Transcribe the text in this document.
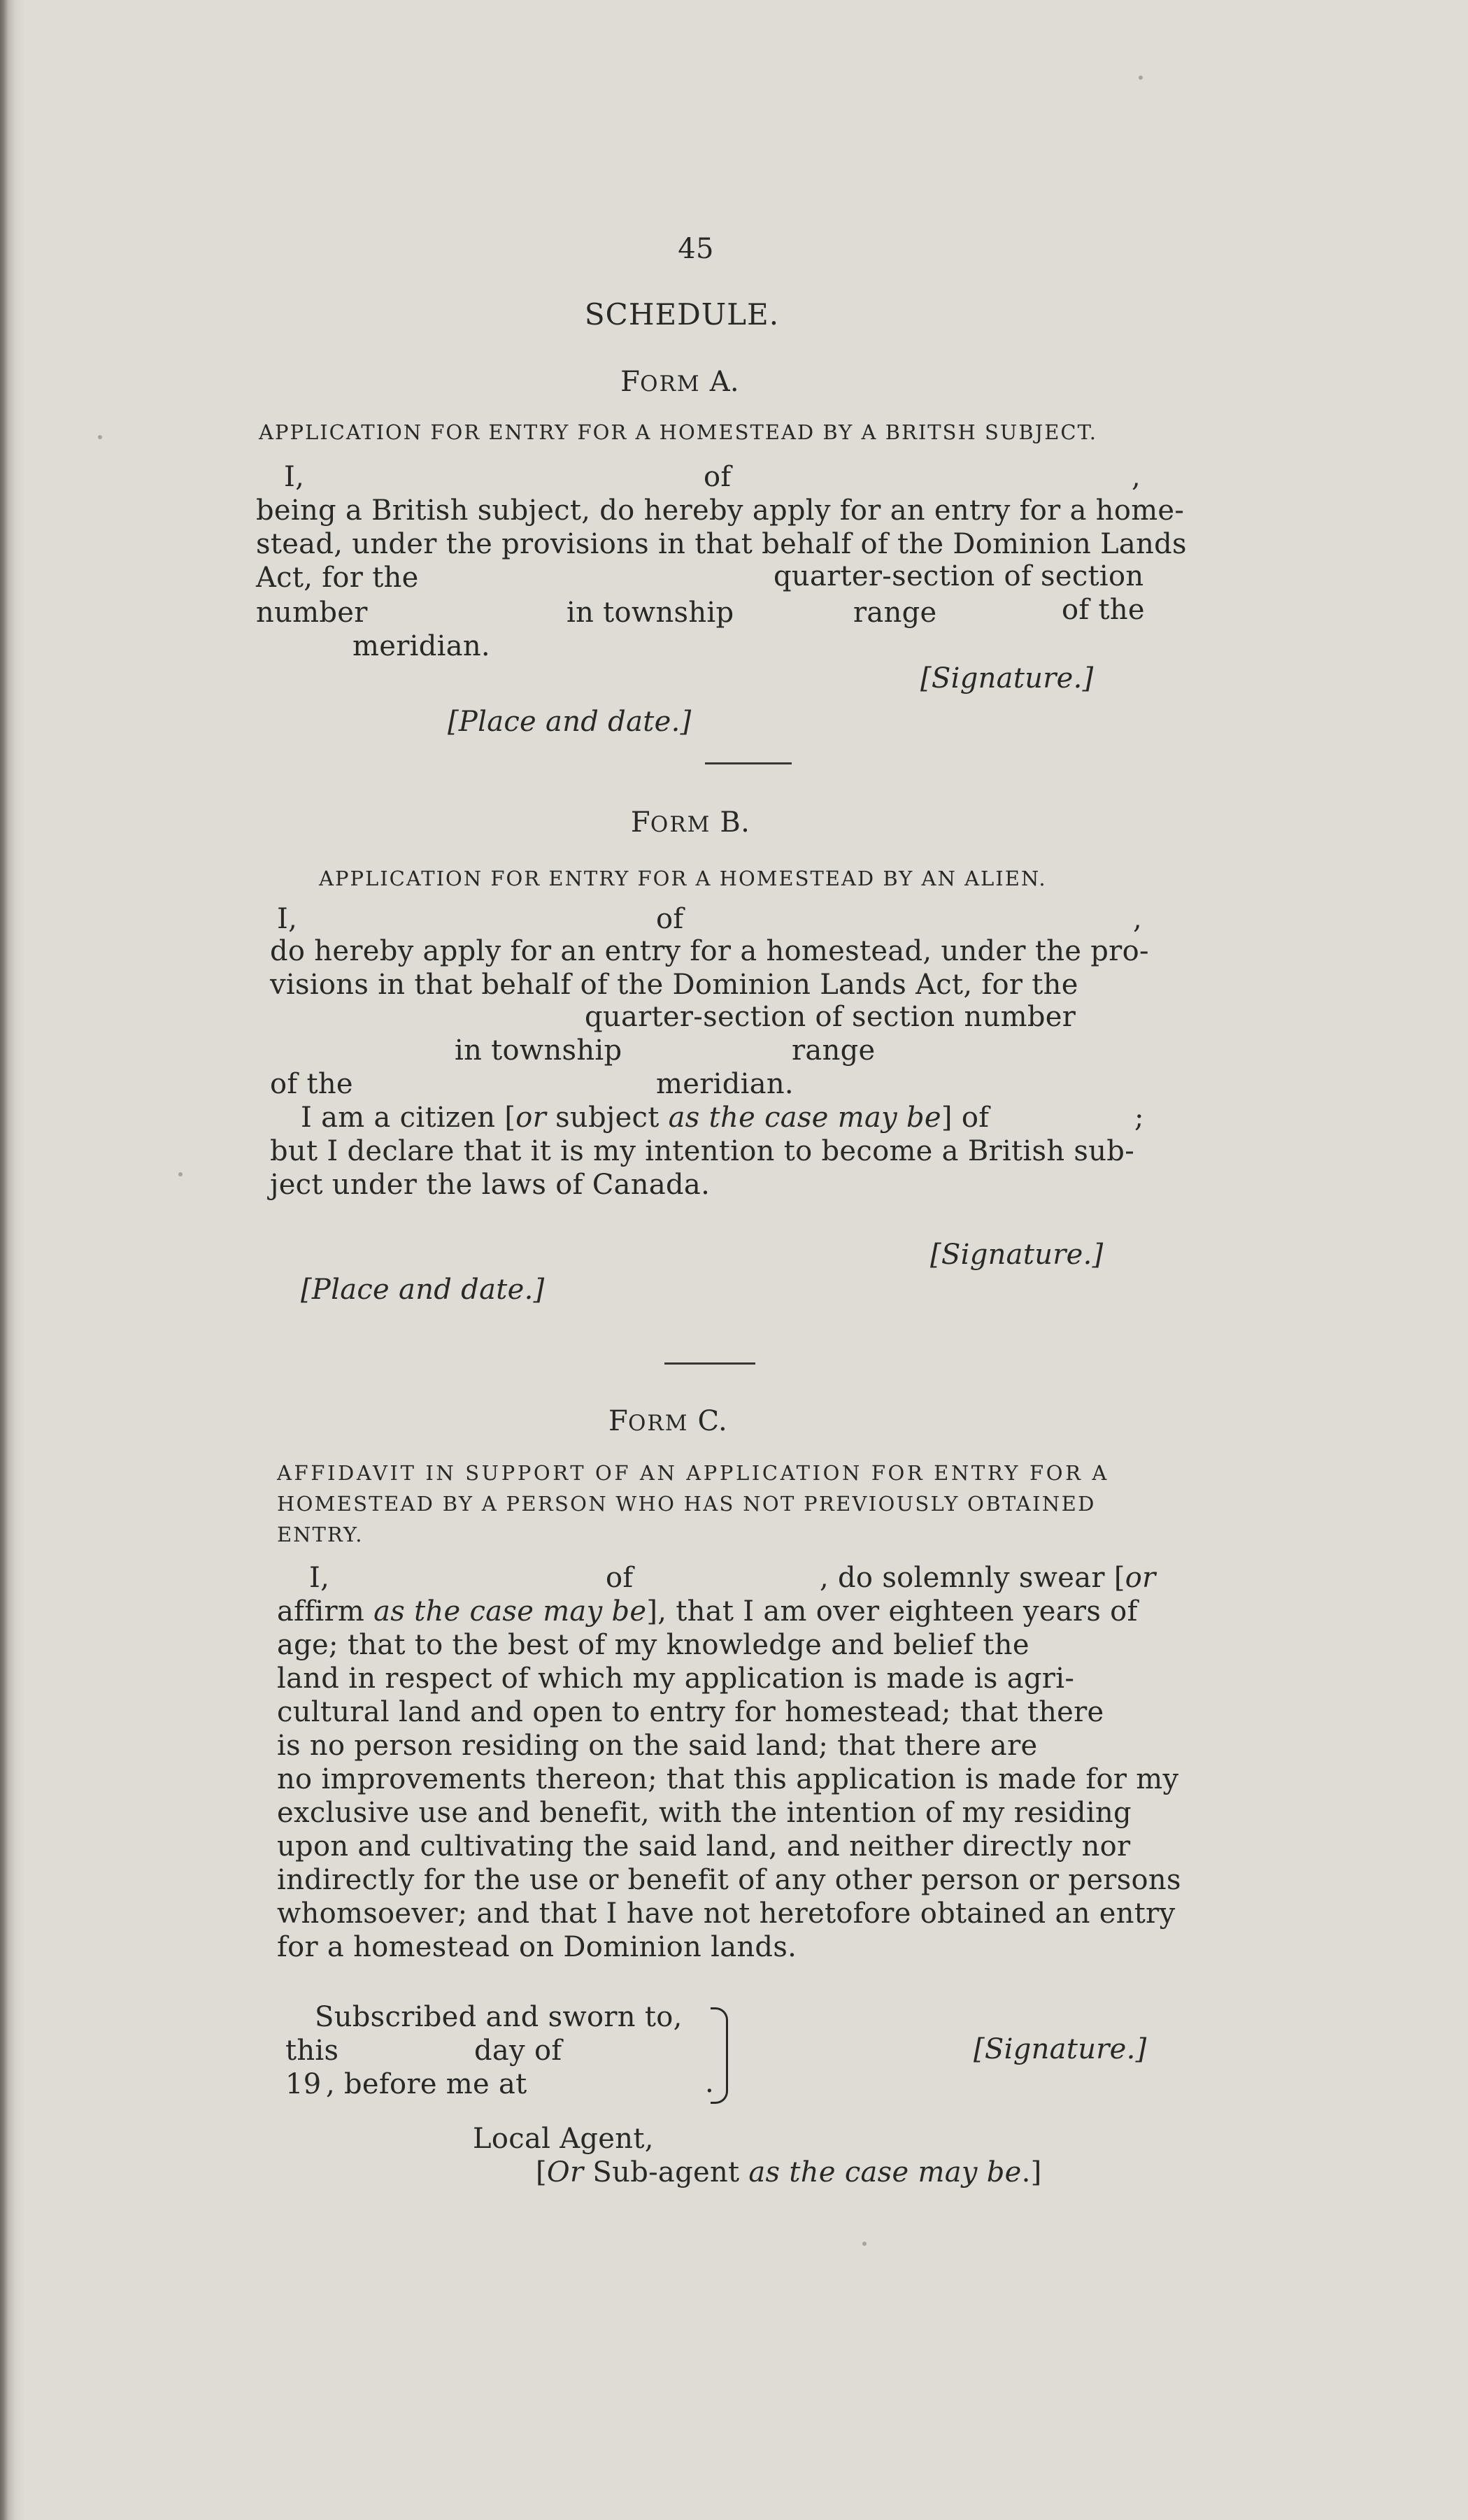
45
SCHEDULE.
FORM A.
APPLICATION FOR ENTRY FOR A HOMESTEAD BY A BRITSH SUBJECT.
I,	of	,
being a British subject, do hereby apply for an entry for a home-
stead, under the provisions in that behalf of the Dominion Lands
Act, for the	quarter-section of section
number	in township	range	of the
meridian.
[Signature.]
[Place and date.]
FORM B.
APPLICATION FOR ENTRY FOR A HOMESTEAD BY AN ALIEN.
I,	of	,
do hereby apply for an entry for a homestead, under the pro-
visions in that behalf of the Dominion Lands Act, for the
quarter-section of section number
in township	range
of the	meridian.
I am a citizen [or subject as the case may be] of	;
but I declare that it is my intention to become a British sub-
ject under the laws of Canada.
[Signature.]
[Place and date.]
FORM C.
AFFIDAVIT IN SUPPORT OF AN APPLICATION FOR ENTRY FOR A
HOMESTEAD BY A PERSON WHO HAS NOT PREVIOUSLY OBTAINED
ENTRY.
I,	of	, do solemnly swear [or
affirm as the case may be], that I am over eighteen years of
age; that to the best of my knowledge and belief the
land in respect of which my application is made is agri-
cultural land and open to entry for homestead; that there
is no person residing on the said land; that there are
no improvements thereon; that this application is made for my
exclusive use and benefit, with the intention of my residing
upon and cultivating the said land, and neither directly nor
indirectly for the use or benefit of any other person or persons
whomsoever; and that I have not heretofore obtained an entry
for a homestead on Dominion lands.
Subscribed and sworn to,
this	day of
19 , before me at	.
[Signature.]
Local Agent,
[Or Sub-agent as the case may be.]
